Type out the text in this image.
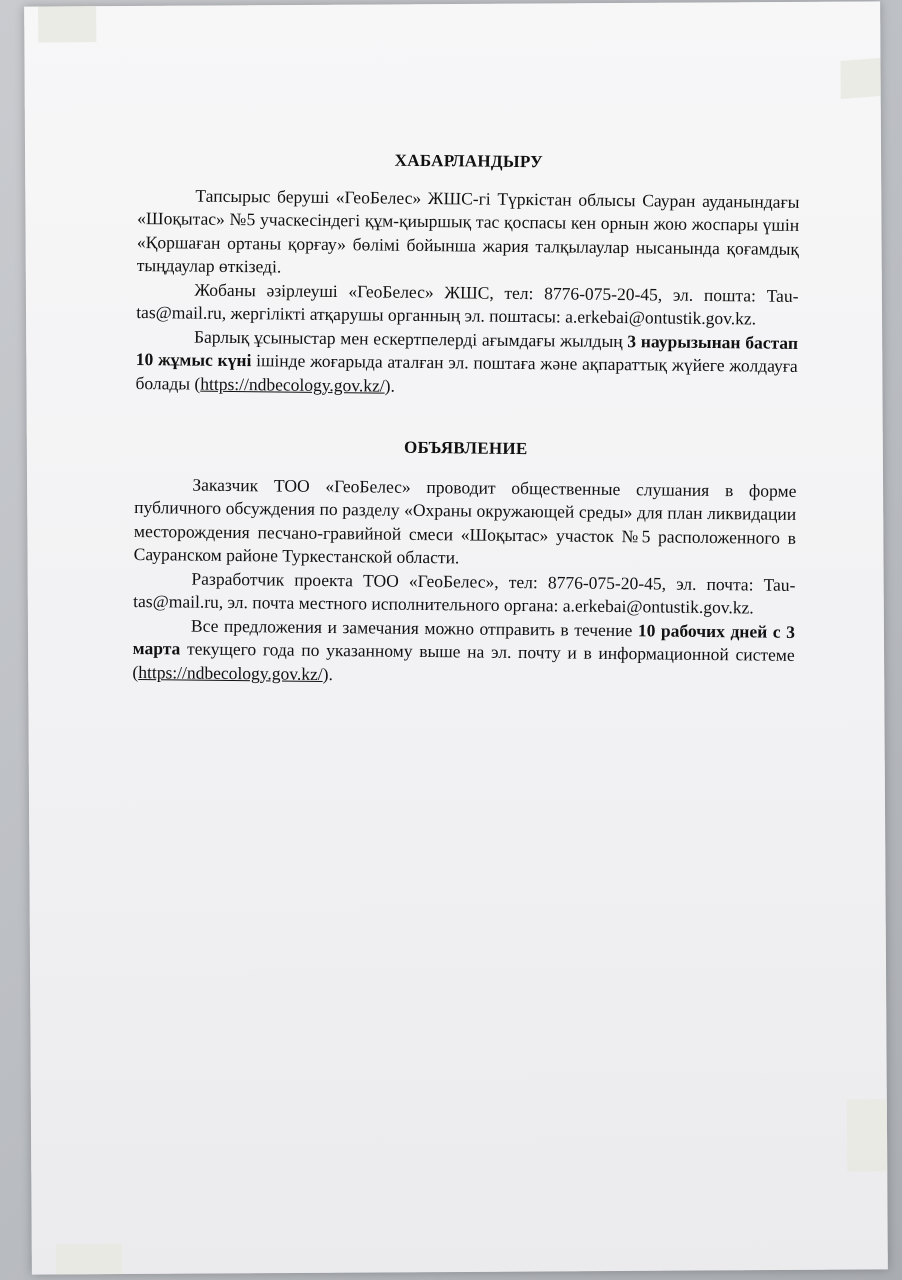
ХАБАРЛАНДЫРУ

Тапсырыс беруші «ГеоБелес» ЖШС-гі Түркістан облысы Сауран ауданындағы «Шоқытас» №5 учаскесіндегі құм-қиыршық тас қоспасы кен орнын жою жоспары үшін «Қоршаған ортаны қорғау» бөлімі бойынша жария талқылаулар нысанында қоғамдық тыңдаулар өткізеді.

Жобаны әзірлеуші «ГеоБелес» ЖШС, тел: 8776-075-20-45, эл. пошта: Tau-tas@mail.ru, жергілікті атқарушы органның эл. поштасы: a.erkebai@ontustik.gov.kz.

Барлық ұсыныстар мен ескертпелерді ағымдағы жылдың 3 наурызынан бастап 10 жұмыс күні ішінде жоғарыда аталған эл. поштаға және ақпараттық жүйеге жолдауға болады (https://ndbecology.gov.kz/).

ОБЪЯВЛЕНИЕ

Заказчик ТОО «ГеоБелес» проводит общественные слушания в форме публичного обсуждения по разделу «Охраны окружающей среды» для план ликвидации месторождения песчано-гравийной смеси «Шоқытас» участок №5 расположенного в Сауранском районе Туркестанской области.

Разработчик проекта ТОО «ГеоБелес», тел: 8776-075-20-45, эл. почта: Tau-tas@mail.ru, эл. почта местного исполнительного органа: a.erkebai@ontustik.gov.kz.

Все предложения и замечания можно отправить в течение 10 рабочих дней с 3 марта текущего года по указанному выше на эл. почту и в информационной системе (https://ndbecology.gov.kz/).
